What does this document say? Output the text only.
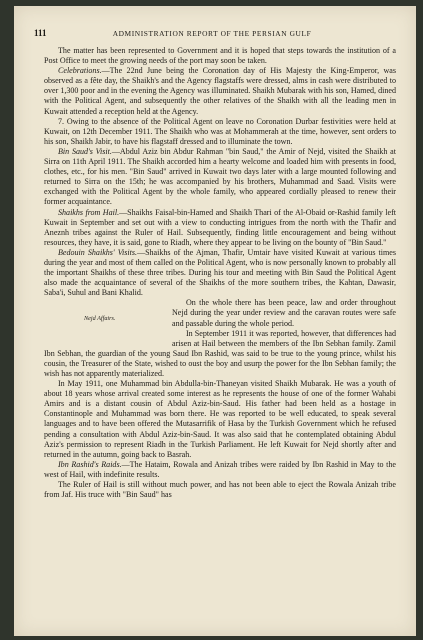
111	ADMINISTRATION REPORT OF THE PERSIAN GULF

The matter has been represented to Government and it is hoped that steps towards the institution of a Post Office to meet the growing needs of the port may soon be taken.

Celebrations.—The 22nd June being the Coronation day of His Majesty the King-Emperor, was observed as a fête day, the Shaikh's and the Agency flagstaffs were dressed, alms in cash were distributed to over 1,300 poor and in the evening the Agency was illuminated. Shaikh Mubarak with his son, Hamed, dined with the Political Agent, and subsequently the other relatives of the Shaikh with all the leading men in Kuwait attended a reception held at the Agency.

7. Owing to the absence of the Political Agent on leave no Coronation Durbar festivities were held at Kuwait, on 12th December 1911. The Shaikh who was at Mohammerah at the time, however, sent orders to his son, Shaikh Jabir, to have his flagstaff dressed and to illuminate the town.

Bin Saud's Visit.—Abdul Aziz bin Abdur Rahman "bin Saud," the Amir of Nejd, visited the Shaikh at Sirra on 11th April 1911. The Shaikh accorded him a hearty welcome and loaded him with presents in food, clothes, etc., for his men. "Bin Saud" arrived in Kuwait two days later with a large mounted following and returned to Sirra on the 15th; he was accompanied by his brothers, Muhammad and Saad. Visits were exchanged with the Political Agent by the whole family, who appeared cordially pleased to renew their former acquaintance.

Shaikhs from Hail.—Shaikhs Faisal-bin-Hamed and Shaikh Thari of the Al-Obaid or-Rashid family left Kuwait in September and set out with a view to conducting intrigues from the north with the Thafir and Aneznh tribes against the Ruler of Hail. Subsequently, finding little encouragement and being without resources, they have, it is said, gone to Riadh, where they appear to be living on the bounty of "Bin Saud."

Bedouin Shaikhs' Visits.—Shaikhs of the Ajman, Thafir, Umtair have visited Kuwait at various times during the year and most of them called on the Political Agent, who is now personally known to probably all the important Shaikhs of these three tribes. During his tour and meeting with Bin Saud the Political Agent also made the acquaintance of several of the Shaikhs of the more southern tribes, the Kahtan, Dawasir, Saba'i, Suhul and Bani Khalid.

Nejd Affairs.

On the whole there has been peace, law and order throughout Nejd during the year under review and the caravan routes were safe and passable during the whole period.

In September 1911 it was reported, however, that differences had arisen at Hail between the members of the Ibn Sebhan family. Zamil Ibn Sebhan, the guardian of the young Saud Ibn Rashid, was said to be true to the young prince, whilst his cousin, the Treasurer of the State, wished to oust the boy and usurp the power for the Ibn Sebhan family; the wish has not apparently materialized.

In May 1911, one Muhammad bin Abdulla-bin-Thaneyan visited Shaikh Mubarak. He was a youth of about 18 years whose arrival created some interest as he represents the house of one of the former Wahabi Amirs and is a distant cousin of Abdul Aziz-bin-Saud. His father had been held as a hostage in Constantinople and Muhammad was born there. He was reported to be well educated, to speak several languages and to have been offered the Mutasarrifik of Hasa by the Turkish Government which he refused pending a consultation with Abdul Aziz-bin-Saud. It was also said that he contemplated obtaining Abdul Aziz's permission to represent Riadh in the Turkish Parliament. He left Kuwait for Nejd shortly after and returned in the autumn, going back to Basrah.

Ibn Rashid's Raids.—The Hataim, Rowala and Anizah tribes were raided by Ibn Rashid in May to the west of Hail, with indefinite results.

The Ruler of Hail is still without much power, and has not been able to eject the Rowala Anizah tribe from Jaf. His truce with "Bin Saud" has
